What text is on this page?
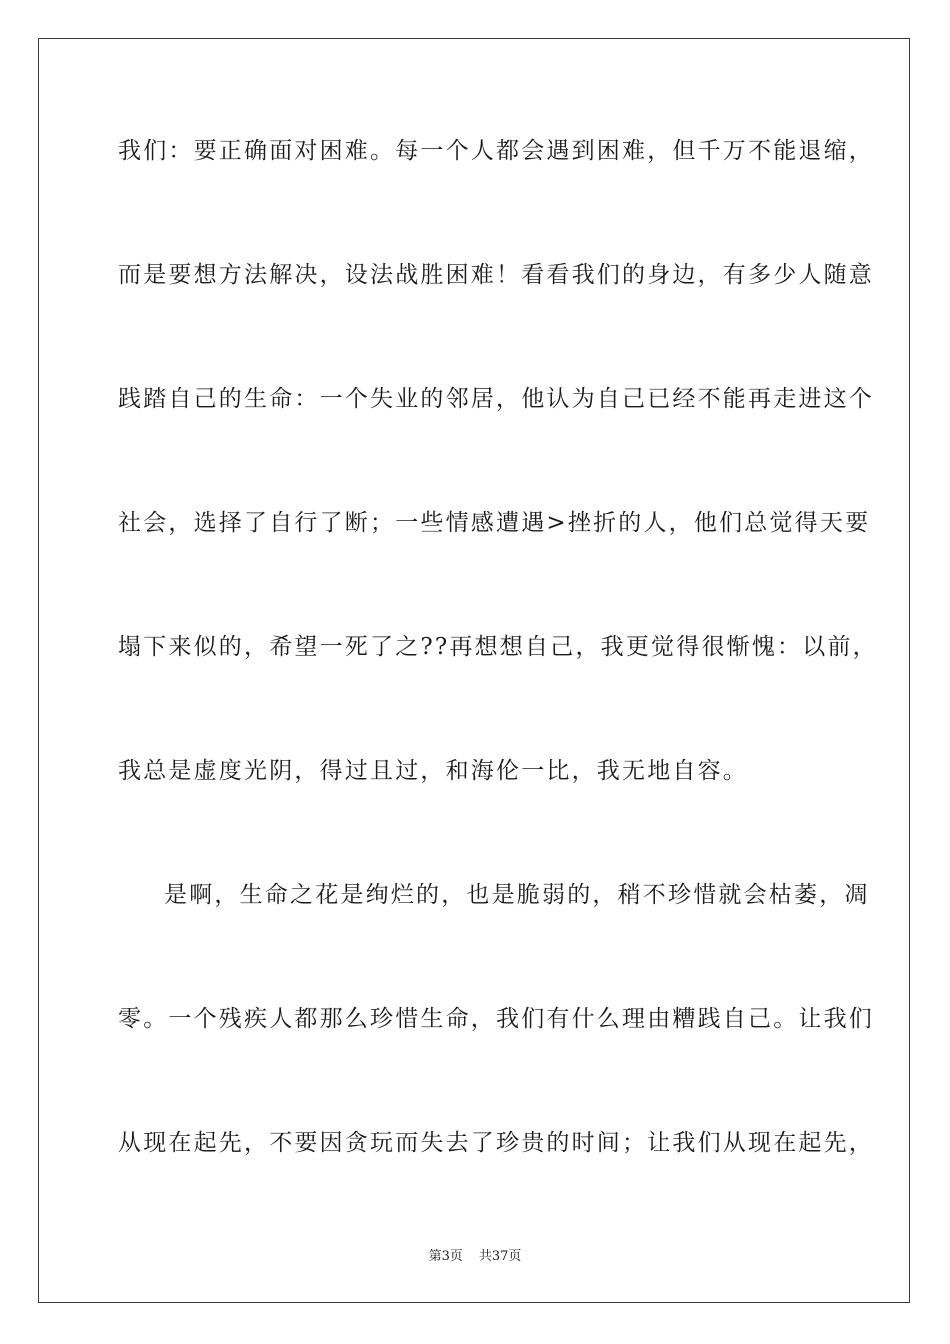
我们：要正确面对困难。每一个人都会遇到困难，但千万不能退缩，
而是要想方法解决，设法战胜困难！看看我们的身边，有多少人随意
践踏自己的生命：一个失业的邻居，他认为自己已经不能再走进这个
社会，选择了自行了断；一些情感遭遇>挫折的人，他们总觉得天要
塌下来似的，希望一死了之??再想想自己，我更觉得很惭愧：以前，
我总是虚度光阴，得过且过，和海伦一比，我无地自容。
是啊，生命之花是绚烂的，也是脆弱的，稍不珍惜就会枯萎，凋
零。一个残疾人都那么珍惜生命，我们有什么理由糟践自己。让我们
从现在起先，不要因贪玩而失去了珍贵的时间；让我们从现在起先，
第3页 共37页
